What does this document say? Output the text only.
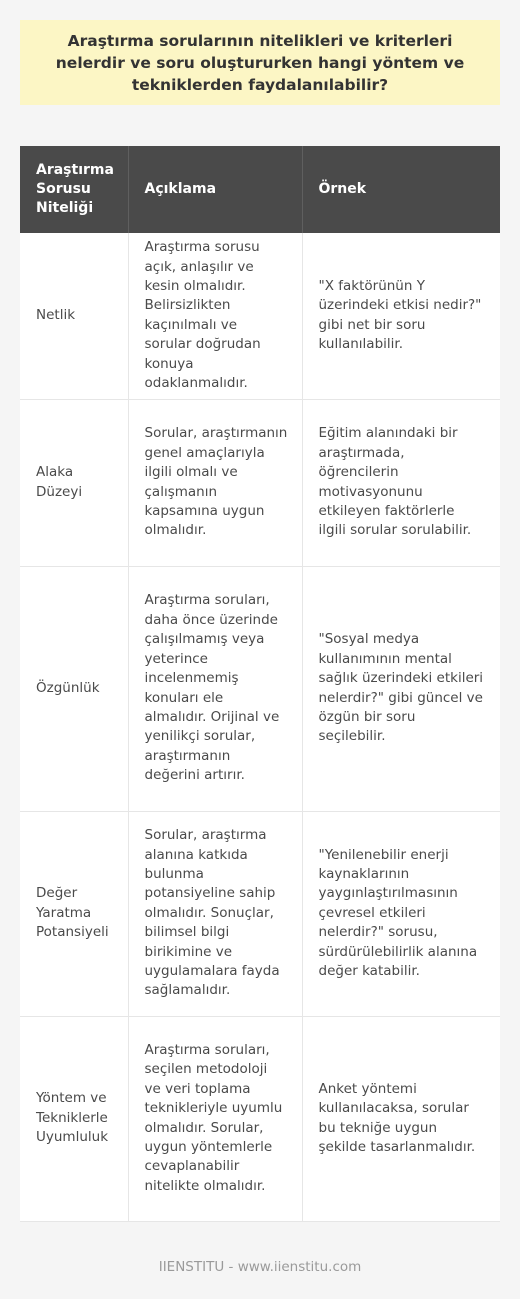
Araştırma sorularının nitelikleri ve kriterleri nelerdir ve soru oluştururken hangi yöntem ve tekniklerden faydalanılabilir?
Araştırma Sorusu Niteliği	Açıklama	Örnek
Netlik	Araştırma sorusu açık, anlaşılır ve kesin olmalıdır. Belirsizlikten kaçınılmalı ve sorular doğrudan konuya odaklanmalıdır.	"X faktörünün Y üzerindeki etkisi nedir?" gibi net bir soru kullanılabilir.
Alaka Düzeyi	Sorular, araştırmanın genel amaçlarıyla ilgili olmalı ve çalışmanın kapsamına uygun olmalıdır.	Eğitim alanındaki bir araştırmada, öğrencilerin motivasyonunu etkileyen faktörlerle ilgili sorular sorulabilir.
Özgünlük	Araştırma soruları, daha önce üzerinde çalışılmamış veya yeterince incelenmemiş konuları ele almalıdır. Orijinal ve yenilikçi sorular, araştırmanın değerini artırır.	"Sosyal medya kullanımının mental sağlık üzerindeki etkileri nelerdir?" gibi güncel ve özgün bir soru seçilebilir.
Değer Yaratma Potansiyeli	Sorular, araştırma alanına katkıda bulunma potansiyeline sahip olmalıdır. Sonuçlar, bilimsel bilgi birikimine ve uygulamalara fayda sağlamalıdır.	"Yenilenebilir enerji kaynaklarının yaygınlaştırılmasının çevresel etkileri nelerdir?" sorusu, sürdürülebilirlik alanına değer katabilir.
Yöntem ve Tekniklerle Uyumluluk	Araştırma soruları, seçilen metodoloji ve veri toplama teknikleriyle uyumlu olmalıdır. Sorular, uygun yöntemlerle cevaplanabilir nitelikte olmalıdır.	Anket yöntemi kullanılacaksa, sorular bu tekniğe uygun şekilde tasarlanmalıdır.
IIENSTITU - www.iienstitu.com
